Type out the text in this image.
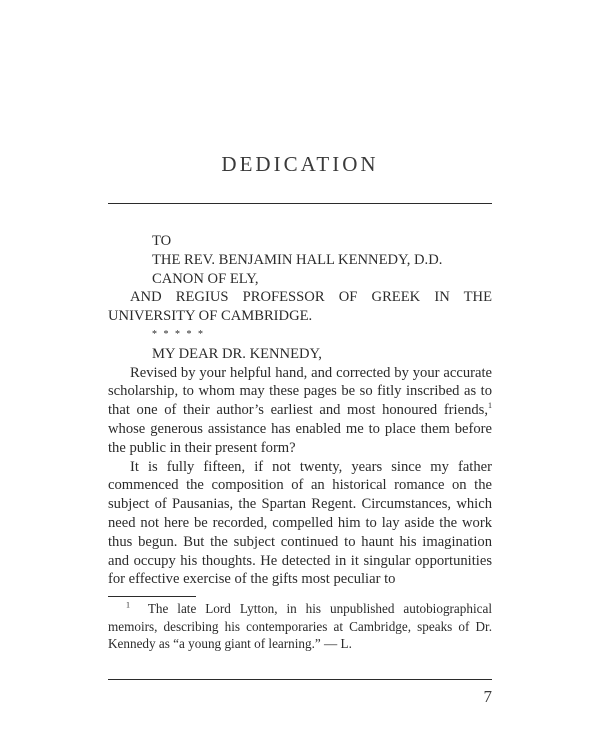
DEDICATION

TO

THE REV. BENJAMIN HALL KENNEDY, D.D.

CANON OF ELY,

AND REGIUS PROFESSOR OF GREEK IN THE UNIVERSITY OF CAMBRIDGE.

* * * * *

MY DEAR DR. KENNEDY,

Revised by your helpful hand, and corrected by your accurate scholarship, to whom may these pages be so fitly inscribed as to that one of their author’s earliest and most honoured friends,$^1$ whose generous assistance has enabled me to place them before the public in their present form?

It is fully fifteen, if not twenty, years since my father commenced the composition of an historical romance on the subject of Pausanias, the Spartan Regent. Circumstances, which need not here be recorded, compelled him to lay aside the work thus begun. But the subject continued to haunt his imagination and occupy his thoughts. He detected in it singular opportunities for effective exercise of the gifts most peculiar to

$^1$ The late Lord Lytton, in his unpublished autobiographical memoirs, describing his contemporaries at Cambridge, speaks of Dr. Kennedy as “a young giant of learning.” — L.

7
